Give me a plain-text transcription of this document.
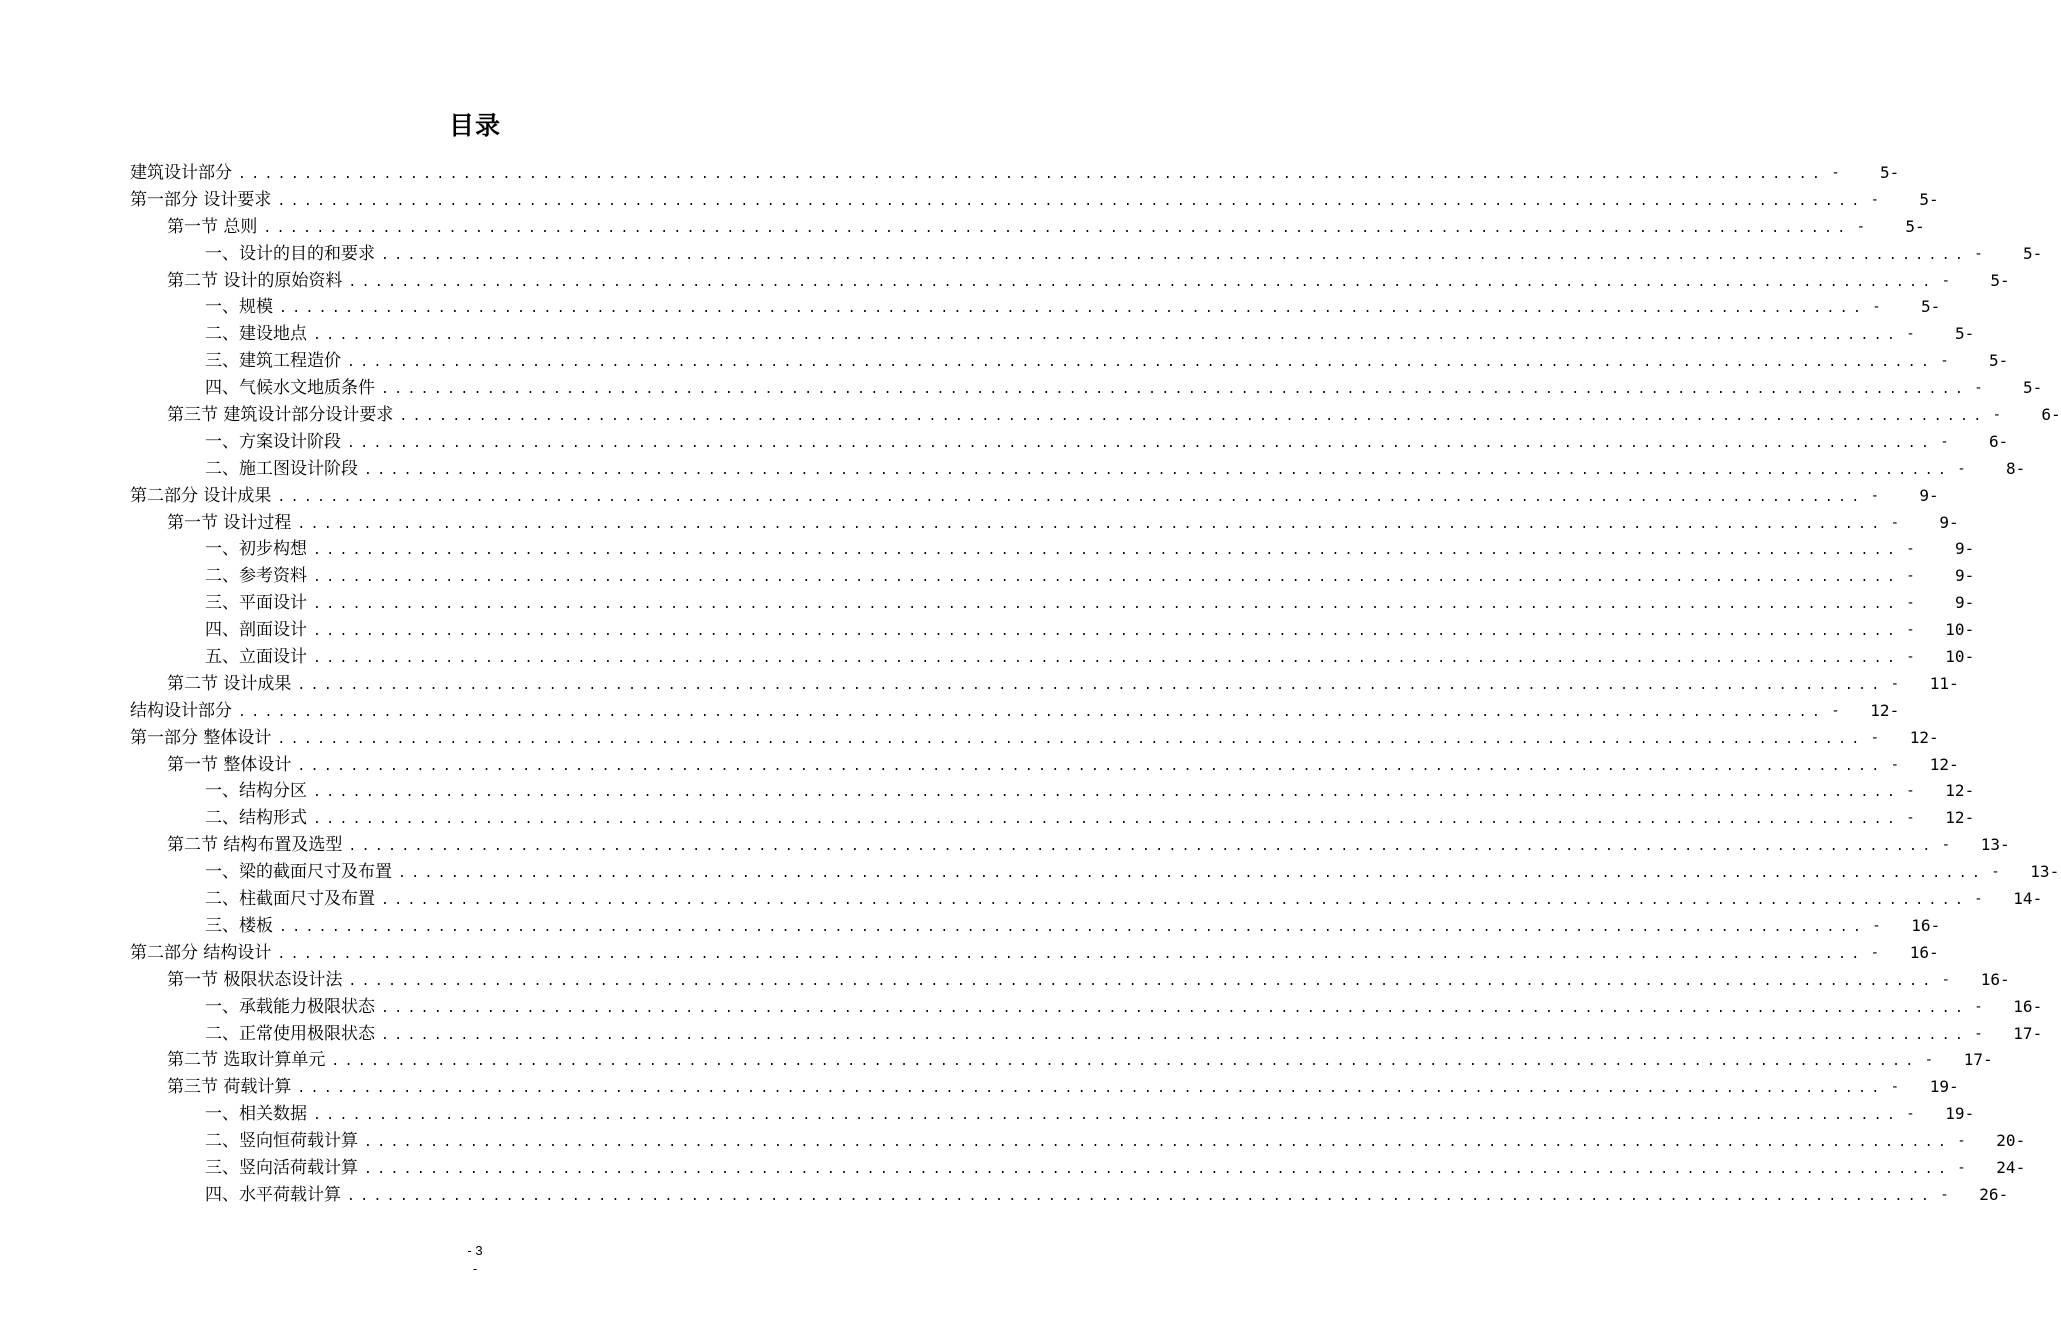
目录
建筑设计部分 ........................................................................................................................ -	5-
第一部分 设计要求 ........................................................................................................................ -	5-
第一节 总则 ........................................................................................................................ -	5-
一、设计的目的和要求 ........................................................................................................................ -	5-
第二节 设计的原始资料 ........................................................................................................................ -	5-
一、规模 ........................................................................................................................ -	5-
二、建设地点 ........................................................................................................................ -	5-
三、建筑工程造价 ........................................................................................................................ -	5-
四、气候水文地质条件 ........................................................................................................................ -	5-
第三节 建筑设计部分设计要求 ........................................................................................................................ -	6-
一、方案设计阶段 ........................................................................................................................ -	6-
二、施工图设计阶段 ........................................................................................................................ -	8-
第二部分 设计成果 ........................................................................................................................ -	9-
第一节 设计过程 ........................................................................................................................ -	9-
一、初步构想 ........................................................................................................................ -	9-
二、参考资料 ........................................................................................................................ -	9-
三、平面设计 ........................................................................................................................ -	9-
四、剖面设计 ........................................................................................................................ -	10-
五、立面设计 ........................................................................................................................ -	10-
第二节 设计成果 ........................................................................................................................ -	11-
结构设计部分 ........................................................................................................................ -	12-
第一部分 整体设计 ........................................................................................................................ -	12-
第一节 整体设计 ........................................................................................................................ -	12-
一、结构分区 ........................................................................................................................ -	12-
二、结构形式 ........................................................................................................................ -	12-
第二节 结构布置及选型 ........................................................................................................................ -	13-
一、梁的截面尺寸及布置 ........................................................................................................................ -	13-
二、柱截面尺寸及布置 ........................................................................................................................ -	14-
三、楼板 ........................................................................................................................ -	16-
第二部分 结构设计 ........................................................................................................................ -	16-
第一节 极限状态设计法 ........................................................................................................................ -	16-
一、承载能力极限状态 ........................................................................................................................ -	16-
二、正常使用极限状态 ........................................................................................................................ -	17-
第二节 选取计算单元 ........................................................................................................................ -	17-
第三节 荷载计算 ........................................................................................................................ -	19-
一、相关数据 ........................................................................................................................ -	19-
二、竖向恒荷载计算 ........................................................................................................................ -	20-
三、竖向活荷载计算 ........................................................................................................................ -	24-
四、水平荷载计算 ........................................................................................................................ -	26-
- 3
-
